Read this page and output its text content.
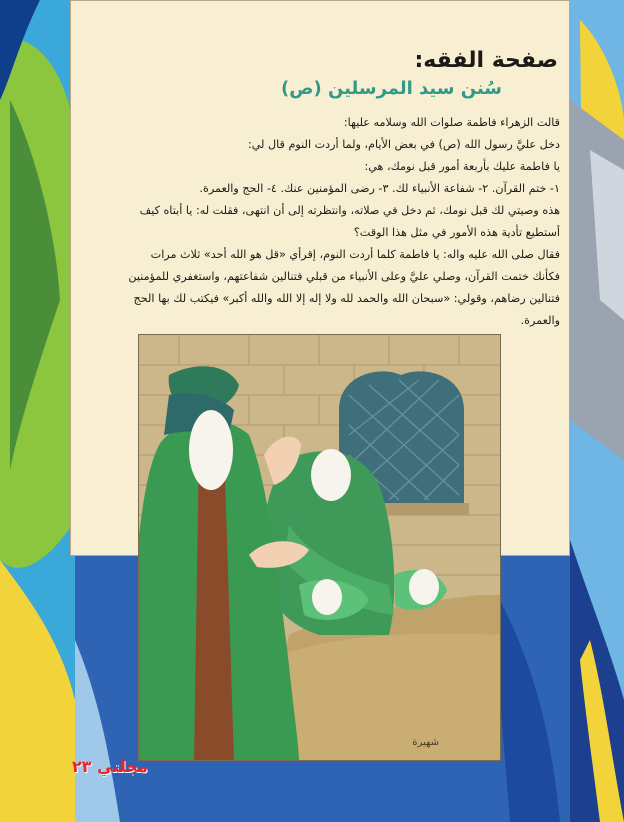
صفحة الفقه:
سُنن سيد المرسلين (ص)

قالت الزهراء فاطمة صلوات الله وسلامه عليها:

دخل عليَّ رسول الله (ص) في بعض الأيام، ولما أردت النوم قال لي:

يا فاطمة عليك بأربعة أمور قبل نومك، هي:

١- ختم القرآن. ٢- شفاعة الأنبياء لك. ٣- رضى المؤمنين عنك. ٤- الحج والعمرة.

هذه وصيتي لك قبل نومك، ثم دخل في صلاته، وانتظرته إلى أن انتهى، فقلت له: يا أبتاه كيف أستطيع تأدية هذه الأمور في مثل هذا الوقت؟

فقال صلى الله عليه واله: يا فاطمة كلما أردت النوم، إقرأي «قل هو الله أحد» ثلاث مرات فكأنك ختمت القرآن، وصلي عليَّ وعلى الأنبياء من قبلي فتنالين شفاعتهم، واستغفري للمؤمنين فتنالين رضاهم، وقولي: «سبحان الله والحمد لله ولا إله إلا الله والله أكبر» فيكتب لك بها الحج والعمرة.

شهيرة
مجلتي ٢٣
